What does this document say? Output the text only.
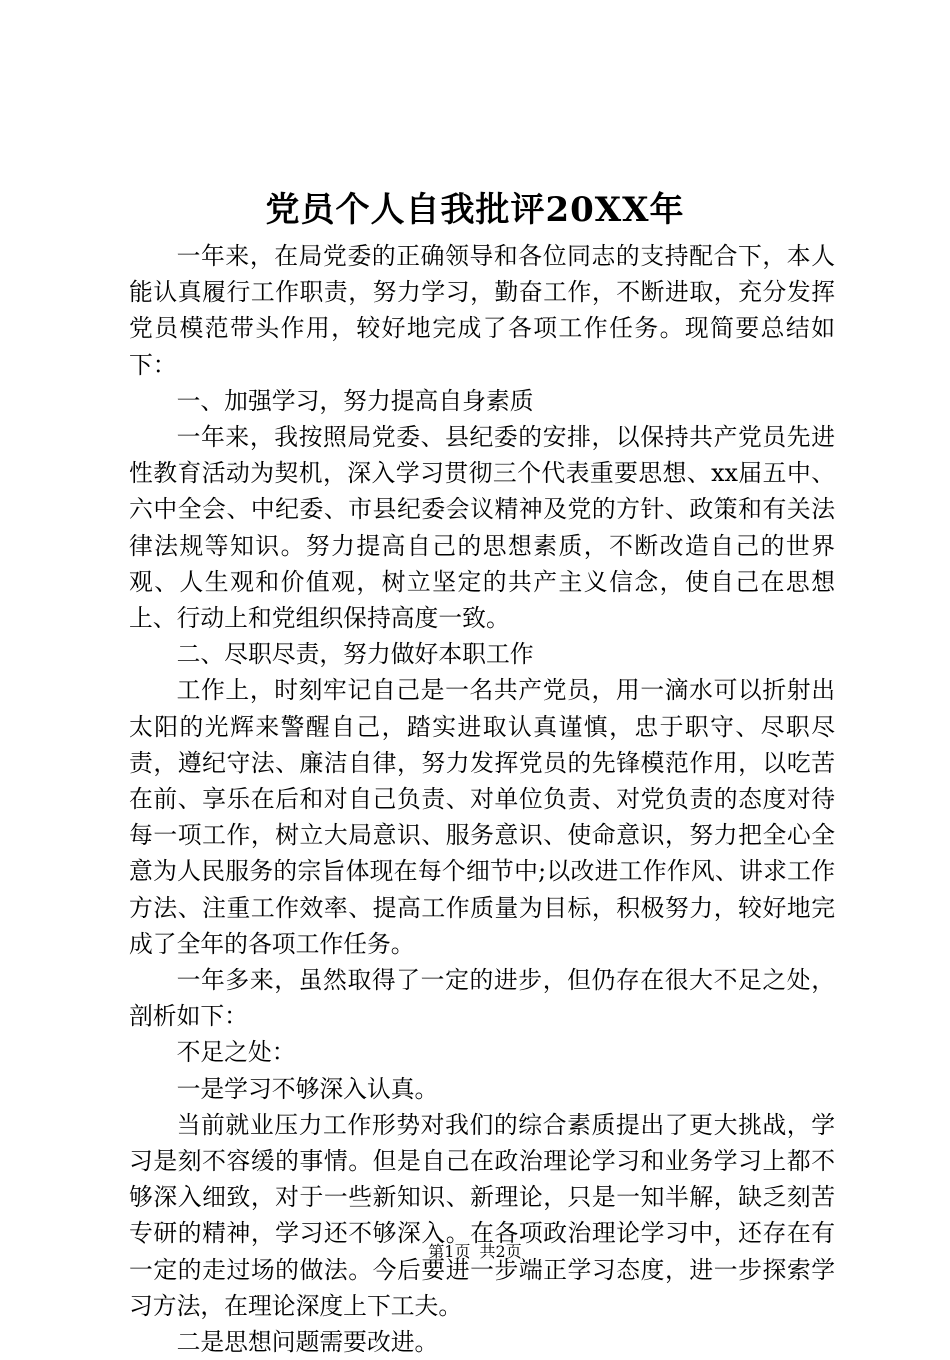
党员个人自我批评20XX年

一年来，在局党委的正确领导和各位同志的支持配合下，本人能认真履行工作职责，努力学习，勤奋工作，不断进取，充分发挥党员模范带头作用，较好地完成了各项工作任务。现简要总结如下：

一、加强学习，努力提高自身素质

一年来，我按照局党委、县纪委的安排，以保持共产党员先进性教育活动为契机，深入学习贯彻三个代表重要思想、xx届五中、六中全会、中纪委、市县纪委会议精神及党的方针、政策和有关法律法规等知识。努力提高自己的思想素质，不断改造自己的世界观、人生观和价值观，树立坚定的共产主义信念，使自己在思想上、行动上和党组织保持高度一致。

二、尽职尽责，努力做好本职工作

工作上，时刻牢记自己是一名共产党员，用一滴水可以折射出太阳的光辉来警醒自己，踏实进取认真谨慎，忠于职守、尽职尽责，遵纪守法、廉洁自律，努力发挥党员的先锋模范作用，以吃苦在前、享乐在后和对自己负责、对单位负责、对党负责的态度对待每一项工作，树立大局意识、服务意识、使命意识，努力把全心全意为人民服务的宗旨体现在每个细节中;以改进工作作风、讲求工作方法、注重工作效率、提高工作质量为目标，积极努力，较好地完成了全年的各项工作任务。

一年多来，虽然取得了一定的进步，但仍存在很大不足之处，剖析如下：

不足之处：

一是学习不够深入认真。

当前就业压力工作形势对我们的综合素质提出了更大挑战，学习是刻不容缓的事情。但是自己在政治理论学习和业务学习上都不够深入细致，对于一些新知识、新理论，只是一知半解，缺乏刻苦专研的精神，学习还不够深入。在各项政治理论学习中，还存在有一定的走过场的做法。今后要进一步端正学习态度，进一步探索学习方法，在理论深度上下工夫。

二是思想问题需要改进。

第1页 共2页
